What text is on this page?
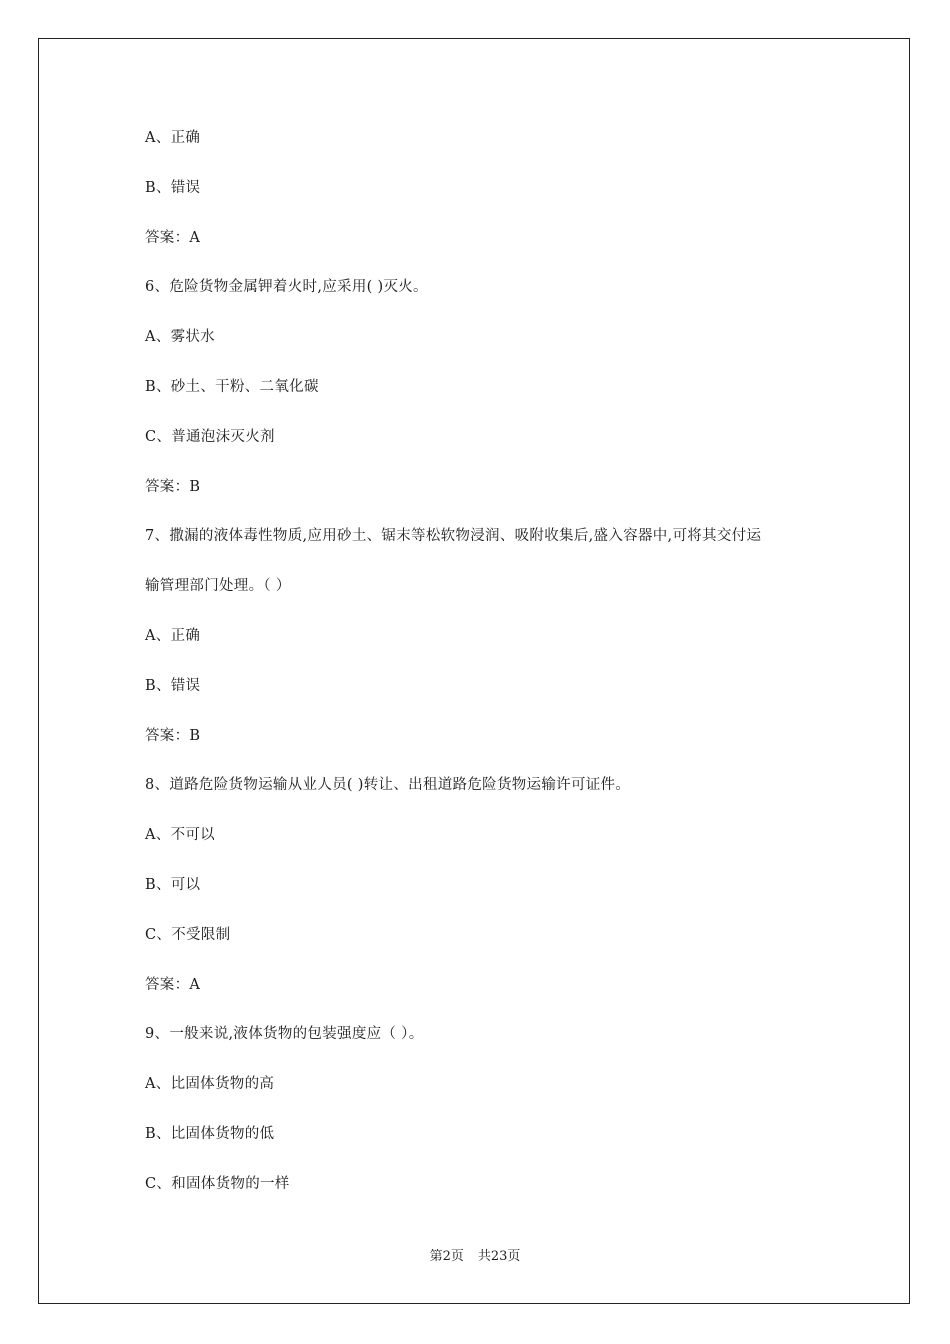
A、正确
B、错误
答案：A
6、危险货物金属钾着火时,应采用( )灭火。
A、雾状水
B、砂土、干粉、二氧化碳
C、普通泡沫灭火剂
答案：B
7、撒漏的液体毒性物质,应用砂土、锯末等松软物浸润、吸附收集后,盛入容器中,可将其交付运
输管理部门处理。（ ）
A、正确
B、错误
答案：B
8、道路危险货物运输从业人员( )转让、出租道路危险货物运输许可证件。
A、不可以
B、可以
C、不受限制
答案：A
9、一般来说,液体货物的包装强度应（ ）。
A、比固体货物的高
B、比固体货物的低
C、和固体货物的一样
第2页 共23页
